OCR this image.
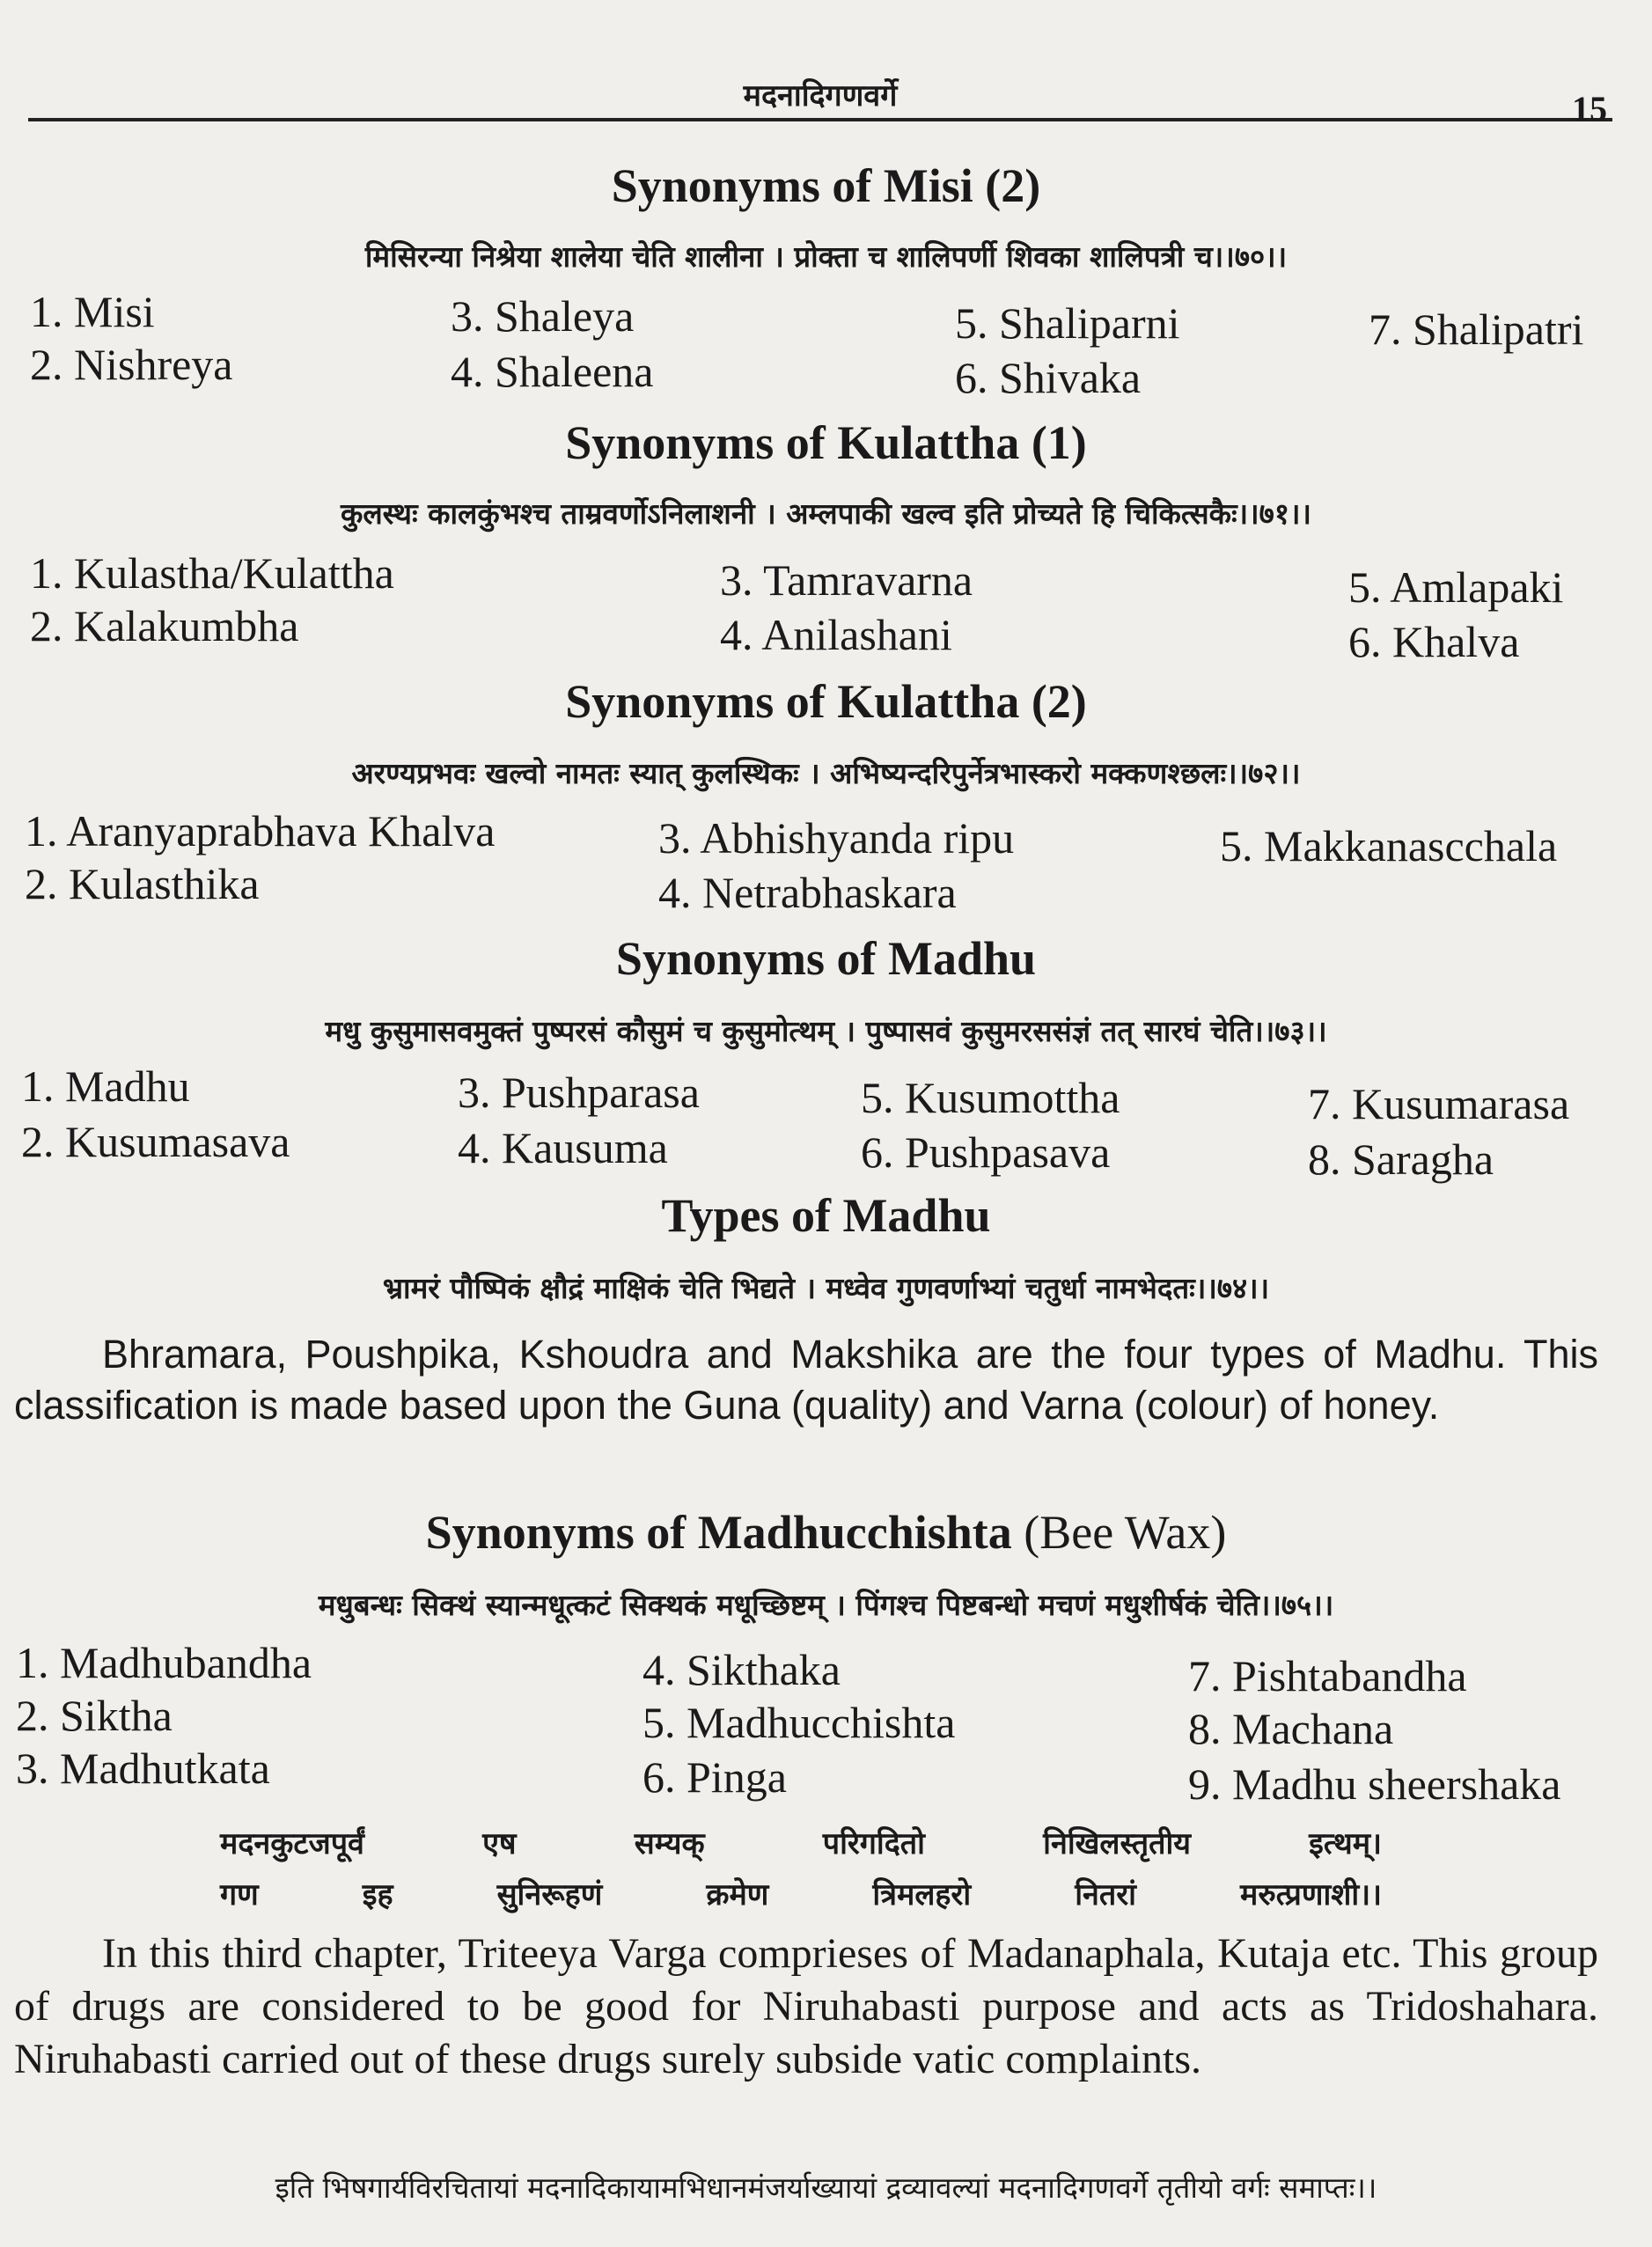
मदनादिगणवर्गे	15
Synonyms of Misi (2)
मिसिरन्या निश्रेया शालेया चेति शालीना । प्रोक्ता च शालिपर्णी शिवका शालिपत्री च।।७०।।
1. Misi
2. Nishreya
3. Shaleya
4. Shaleena
5. Shaliparni
6. Shivaka
7. Shalipatri
Synonyms of Kulattha (1)
कुलस्थः कालकुंभश्च ताम्रवर्णोऽनिलाशनी । अम्लपाकी खल्व इति प्रोच्यते हि चिकित्सकैः।।७१।।
1. Kulastha/Kulattha
2. Kalakumbha
3. Tamravarna
4. Anilashani
5. Amlapaki
6. Khalva
Synonyms of Kulattha (2)
अरण्यप्रभवः खल्वो नामतः स्यात् कुलस्थिकः । अभिष्यन्दरिपुर्नेत्रभास्करो मक्कणश्छलः।।७२।।
1. Aranyaprabhava Khalva
2. Kulasthika
3. Abhishyanda ripu
4. Netrabhaskara
5. Makkanascchala
Synonyms of Madhu
मधु कुसुमासवमुक्तं पुष्परसं कौसुमं च कुसुमोत्थम् । पुष्पासवं कुसुमरससंज्ञं तत् सारघं चेति।।७३।।
1. Madhu
2. Kusumasava
3. Pushparasa
4. Kausuma
5. Kusumottha
6. Pushpasava
7. Kusumarasa
8. Saragha
Types of Madhu
भ्रामरं पौष्पिकं क्षौद्रं माक्षिकं चेति भिद्यते । मध्वेव गुणवर्णाभ्यां चतुर्धा नामभेदतः।।७४।।
Bhramara, Poushpika, Kshoudra and Makshika are the four types of Madhu. This classification is made based upon the Guna (quality) and Varna (colour) of honey.
Synonyms of Madhucchishta (Bee Wax)
मधुबन्धः सिक्थं स्यान्मधूत्कटं सिक्थकं मधूच्छिष्टम् । पिंगश्च पिष्टबन्धो मचणं मधुशीर्षकं चेति।।७५।।
1. Madhubandha
2. Siktha
3. Madhutkata
4. Sikthaka
5. Madhucchishta
6. Pinga
7. Pishtabandha
8. Machana
9. Madhu sheershaka
मदनकुटजपूर्वं	एष	सम्यक्	परिगदितो	निखिलस्तृतीय	इत्थम्।
गण	इह	सुनिरूहणं	क्रमेण	त्रिमलहरो	नितरां	मरुत्प्रणाशी।।
In this third chapter, Triteeya Varga comprieses of Madanaphala, Kutaja etc. This group of drugs are considered to be good for Niruhabasti purpose and acts as Tridoshahara. Niruhabasti carried out of these drugs surely subside vatic complaints.
इति भिषगार्यविरचितायां मदनादिकायामभिधानमंजर्याख्यायां द्रव्यावल्यां मदनादिगणवर्गे तृतीयो वर्गः समाप्तः।।
